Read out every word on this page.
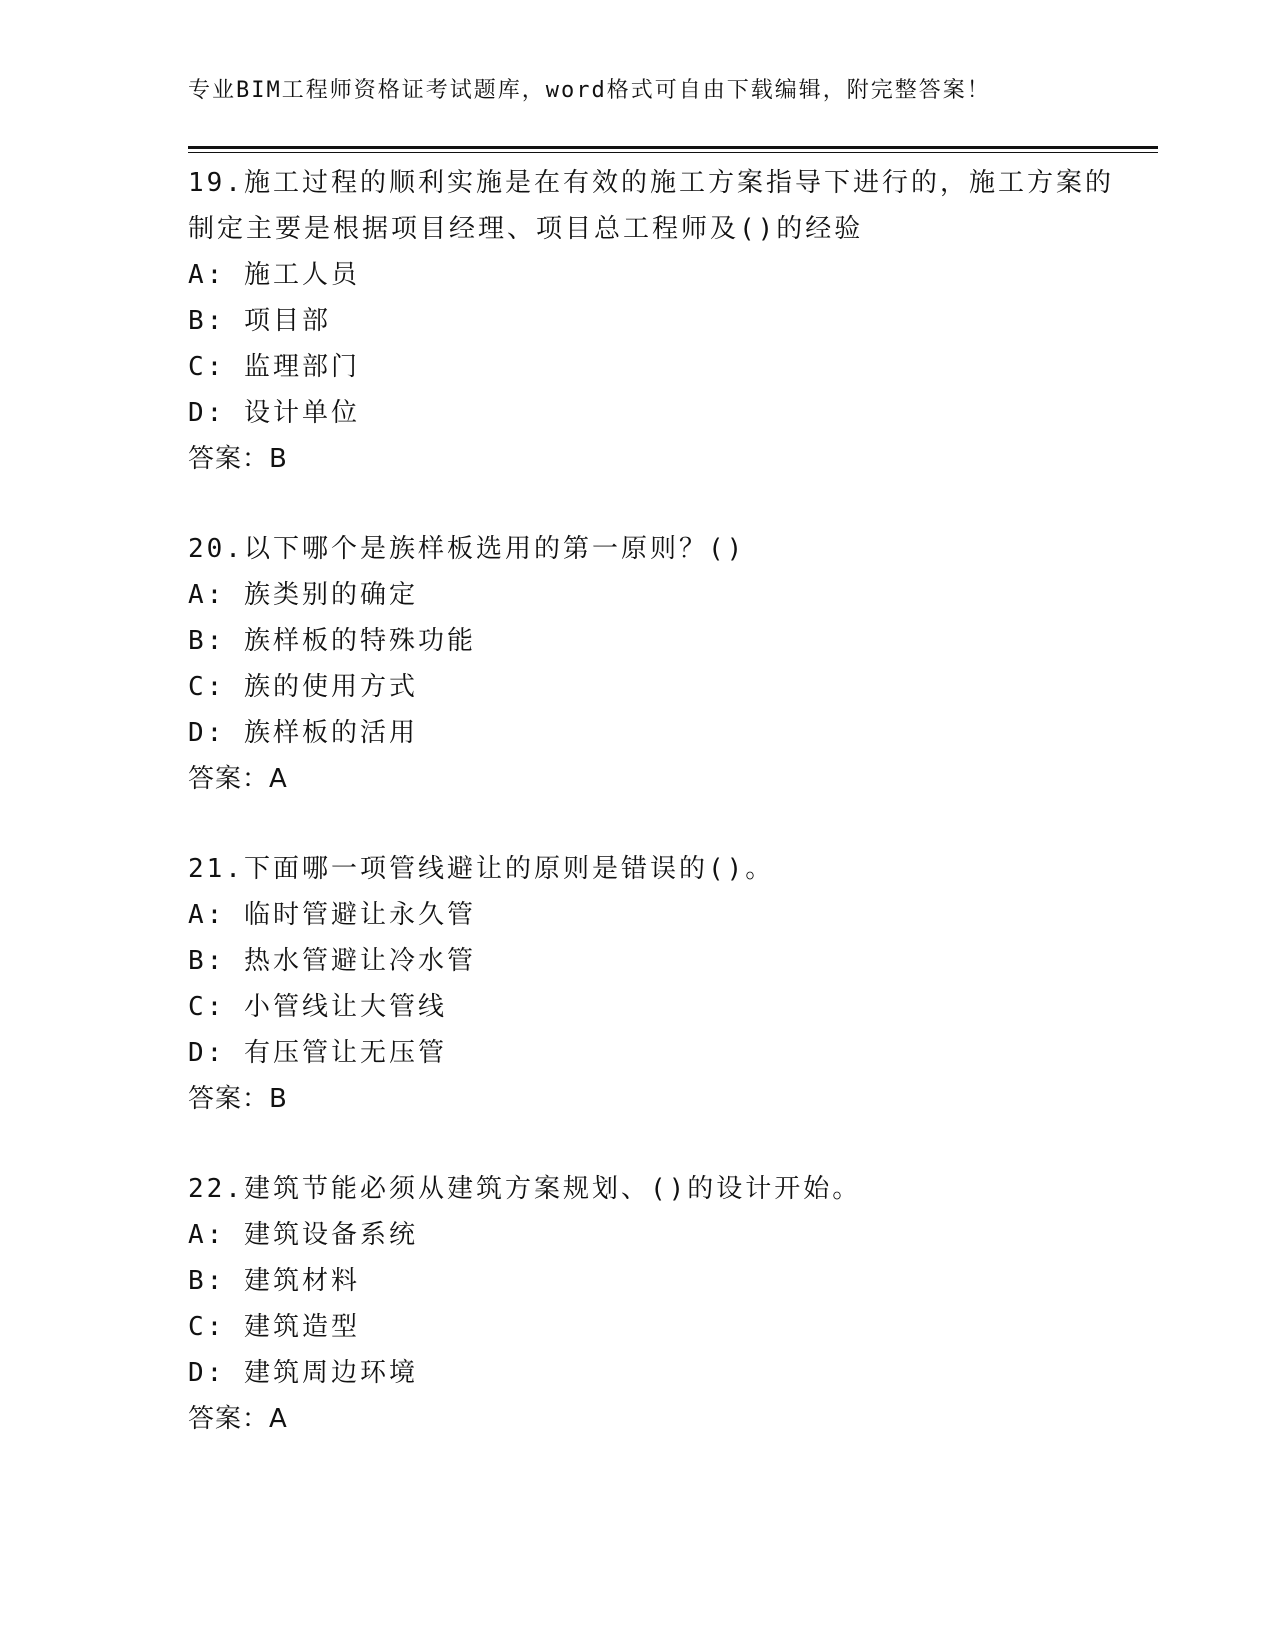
专业BIM工程师资格证考试题库，word格式可自由下载编辑，附完整答案！

19.施工过程的顺利实施是在有效的施工方案指导下进行的，施工方案的制定主要是根据项目经理、项目总工程师及()的经验

A: 施工人员

B: 项目部

C: 监理部门

D: 设计单位

答案：B

20.以下哪个是族样板选用的第一原则？()

A: 族类别的确定

B: 族样板的特殊功能

C: 族的使用方式

D: 族样板的活用

答案：A

21.下面哪一项管线避让的原则是错误的()。

A: 临时管避让永久管

B: 热水管避让冷水管

C: 小管线让大管线

D: 有压管让无压管

答案：B

22.建筑节能必须从建筑方案规划、()的设计开始。

A: 建筑设备系统

B: 建筑材料

C: 建筑造型

D: 建筑周边环境

答案：A
